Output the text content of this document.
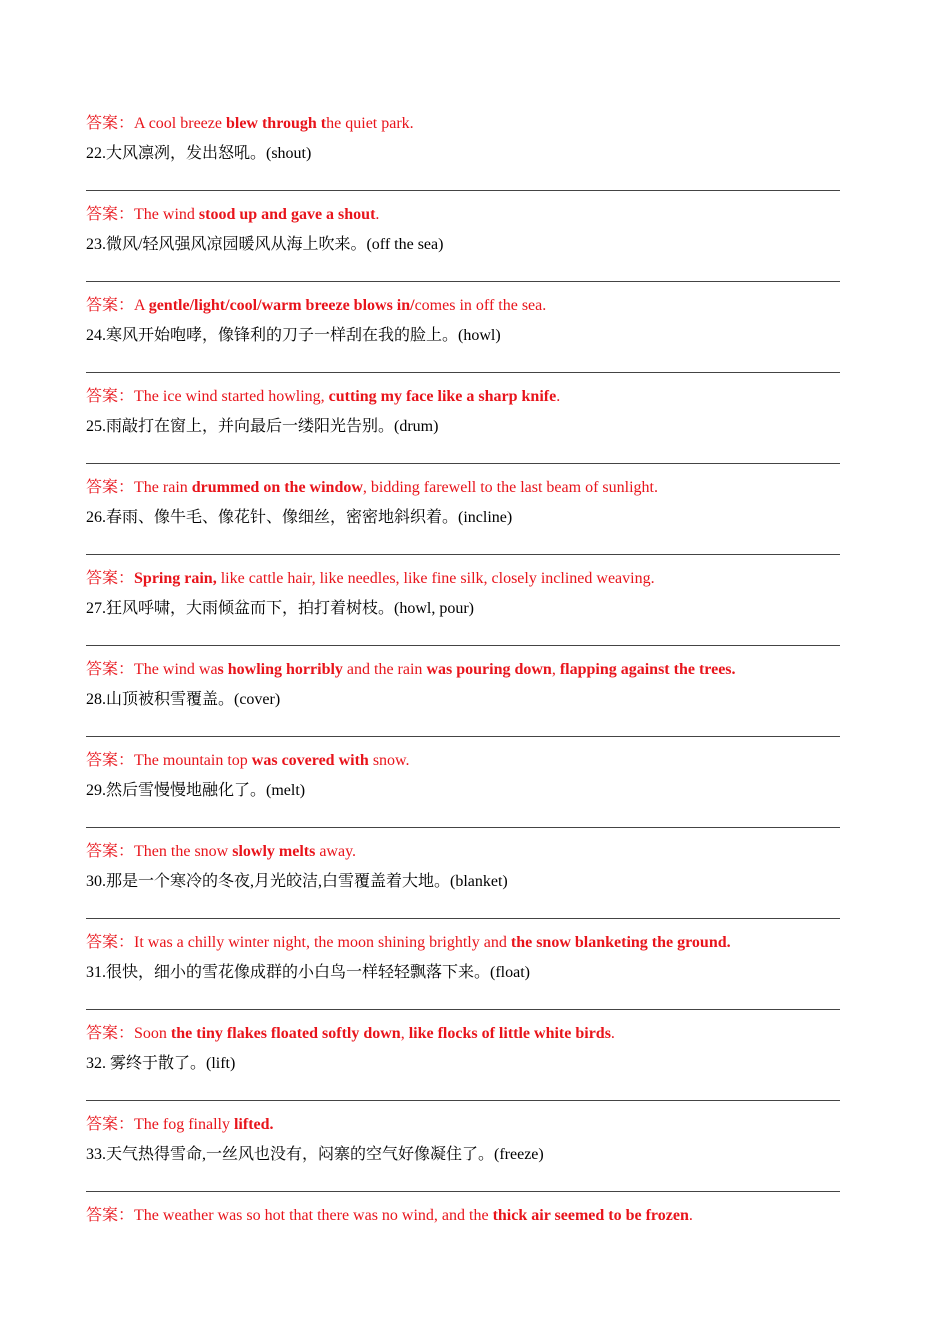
答案：A cool breeze blew through the quiet park.
22.大风凛冽，发出怒吼。(shout)
答案：The wind stood up and gave a shout.
23.微风/轻风强风凉园暖风从海上吹来。(off the sea)
答案：A gentle/light/cool/warm breeze blows in/comes in off the sea.
24.寒风开始咆哮，像锋利的刀子一样刮在我的脸上。(howl)
答案：The ice wind started howling, cutting my face like a sharp knife.
25.雨敲打在窗上，并向最后一缕阳光告别。(drum)
答案：The rain drummed on the window, bidding farewell to the last beam of sunlight.
26.春雨、像牛毛、像花针、像细丝，密密地斜织着。(incline)
答案：Spring rain, like cattle hair, like needles, like fine silk, closely inclined weaving.
27.狂风呼啸，大雨倾盆而下，拍打着树枝。(howl, pour)
答案：The wind was howling horribly and the rain was pouring down, flapping against the trees.
28.山顶被积雪覆盖。(cover)
答案：The mountain top was covered with snow.
29.然后雪慢慢地融化了。(melt)
答案：Then the snow slowly melts away.
30.那是一个寒冷的冬夜,月光皎洁,白雪覆盖着大地。(blanket)
答案：It was a chilly winter night, the moon shining brightly and the snow blanketing the ground.
31.很快，细小的雪花像成群的小白鸟一样轻轻飘落下来。(float)
答案：Soon the tiny flakes floated softly down, like flocks of little white birds.
32. 雾终于散了。(lift)
答案：The fog finally lifted.
33.天气热得雪命,一丝风也没有，闷寨的空气好像凝住了。(freeze)
答案：The weather was so hot that there was no wind, and the thick air seemed to be frozen.
